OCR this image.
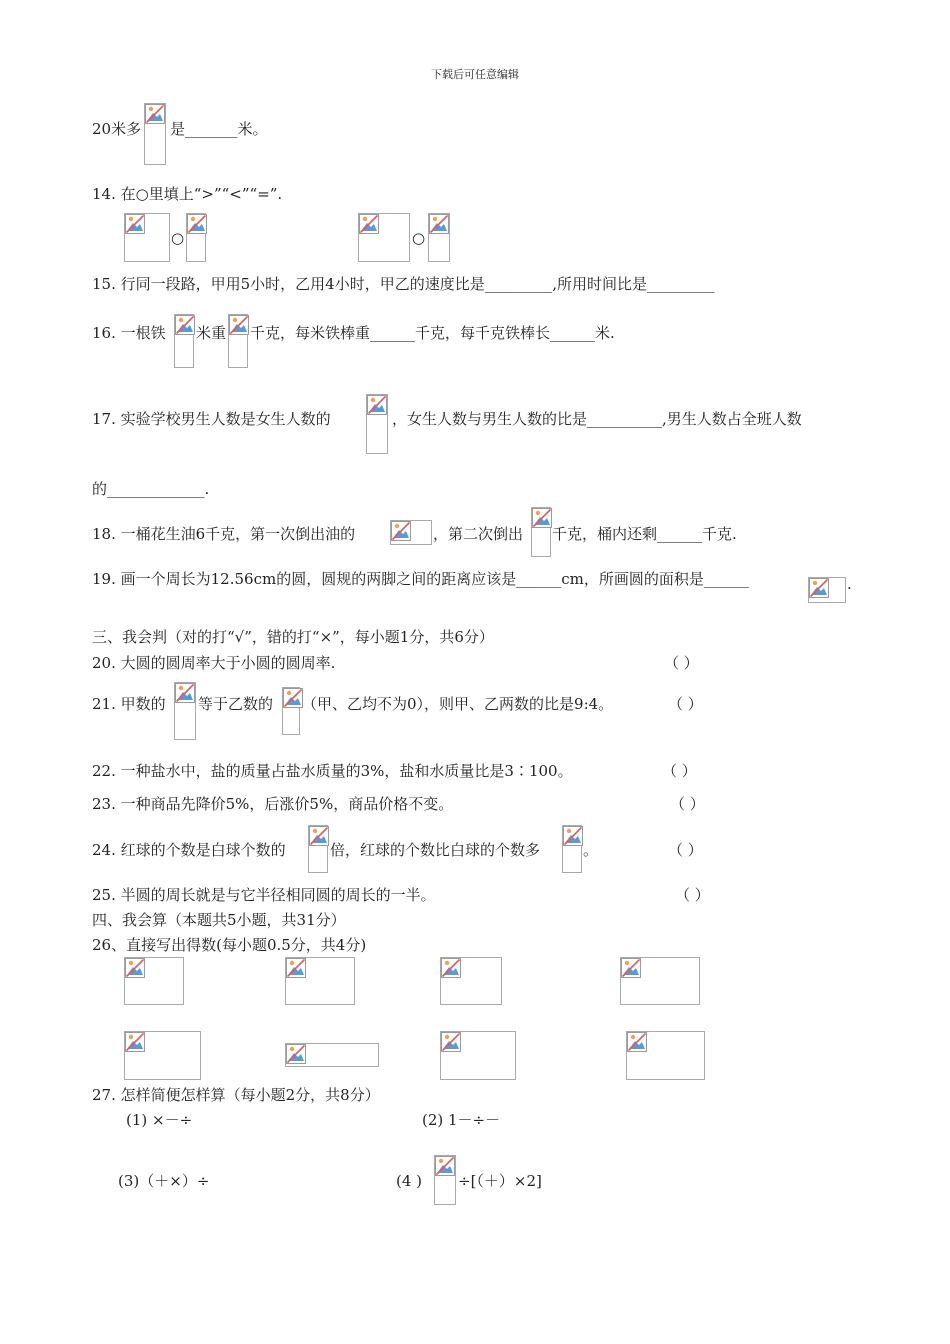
下载后可任意编辑
20米多 是_______米。
14. 在○里填上“>”“<”“=”.
○	○
15. 行同一段路，甲用5小时，乙用4小时，甲乙的速度比是_________,所用时间比是_________
16. 一根铁 米重 千克，每米铁棒重______千克，每千克铁棒长______米.
17. 实验学校男生人数是女生人数的	，女生人数与男生人数的比是__________,男生人数占全班人数
的_____________.
18. 一桶花生油6千克，第一次倒出油的	，第二次倒出 千克，桶内还剩______千克.
19. 画一个周长为12.56cm的圆，圆规的两脚之间的距离应该是______cm，所画圆的面积是______	.
三、我会判（对的打“√”，错的打“×”，每小题1分，共6分）
20. 大圆的圆周率大于小圆的圆周率.	（ ）
21. 甲数的 等于乙数的 （甲、乙均不为0），则甲、乙两数的比是9:4。	（ ）
22. 一种盐水中，盐的质量占盐水质量的3%，盐和水质量比是3∶100。	（ ）
23. 一种商品先降价5%，后涨价5%，商品价格不变。	（ ）
24. 红球的个数是白球个数的	倍，红球的个数比白球的个数多	。	（ ）
25. 半圆的周长就是与它半径相同圆的周长的一半。	（ ）
四、我会算（本题共5小题，共31分）
26、直接写出得数(每小题0.5分，共4分)
27. 怎样简便怎样算（每小题2分，共8分）
(1) ×－÷	(2) 1－÷－
(3)（＋×）÷	(4 ) ÷[（＋）×2]
